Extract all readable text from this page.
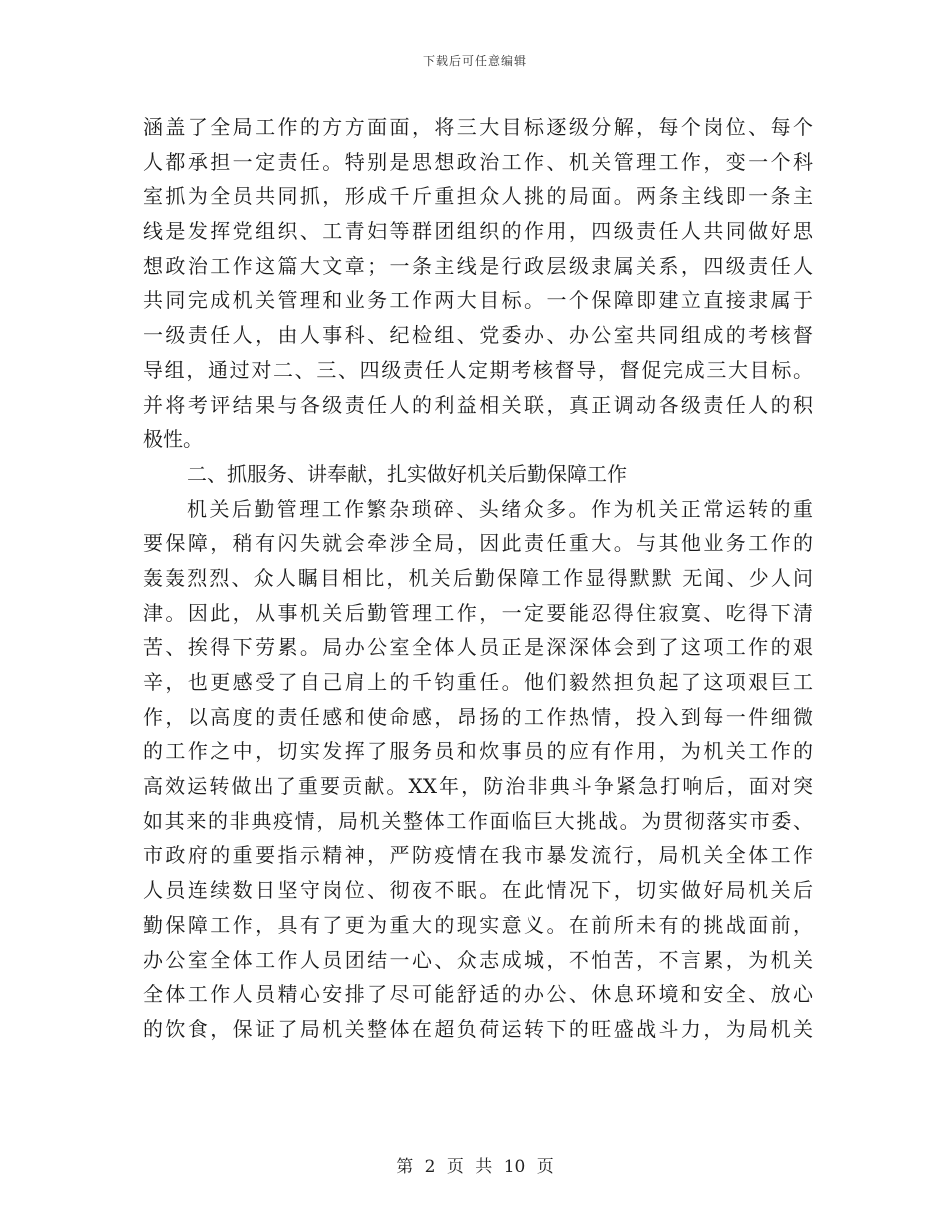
下载后可任意编辑
涵盖了全局工作的方方面面，将三大目标逐级分解，每个岗位、每个
人都承担一定责任。特别是思想政治工作、机关管理工作，变一个科
室抓为全员共同抓，形成千斤重担众人挑的局面。两条主线即一条主
线是发挥党组织、工青妇等群团组织的作用，四级责任人共同做好思
想政治工作这篇大文章；一条主线是行政层级隶属关系，四级责任人
共同完成机关管理和业务工作两大目标。一个保障即建立直接隶属于
一级责任人，由人事科、纪检组、党委办、办公室共同组成的考核督
导组，通过对二、三、四级责任人定期考核督导，督促完成三大目标。
并将考评结果与各级责任人的利益相关联，真正调动各级责任人的积
极性。
二、抓服务、讲奉献，扎实做好机关后勤保障工作
机关后勤管理工作繁杂琐碎、头绪众多。作为机关正常运转的重
要保障，稍有闪失就会牵涉全局，因此责任重大。与其他业务工作的
轰轰烈烈、众人瞩目相比，机关后勤保障工作显得默默 无闻、少人问
津。因此，从事机关后勤管理工作，一定要能忍得住寂寞、吃得下清
苦、挨得下劳累。局办公室全体人员正是深深体会到了这项工作的艰
辛，也更感受了自己肩上的千钧重任。他们毅然担负起了这项艰巨工
作，以高度的责任感和使命感，昂扬的工作热情，投入到每一件细微
的工作之中，切实发挥了服务员和炊事员的应有作用，为机关工作的
高效运转做出了重要贡献。XX年，防治非典斗争紧急打响后，面对突
如其来的非典疫情，局机关整体工作面临巨大挑战。为贯彻落实市委、
市政府的重要指示精神，严防疫情在我市暴发流行，局机关全体工作
人员连续数日坚守岗位、彻夜不眠。在此情况下，切实做好局机关后
勤保障工作，具有了更为重大的现实意义。在前所未有的挑战面前，
办公室全体工作人员团结一心、众志成城，不怕苦，不言累，为机关
全体工作人员精心安排了尽可能舒适的办公、休息环境和安全、放心
的饮食，保证了局机关整体在超负荷运转下的旺盛战斗力，为局机关
第 2 页 共 10 页
